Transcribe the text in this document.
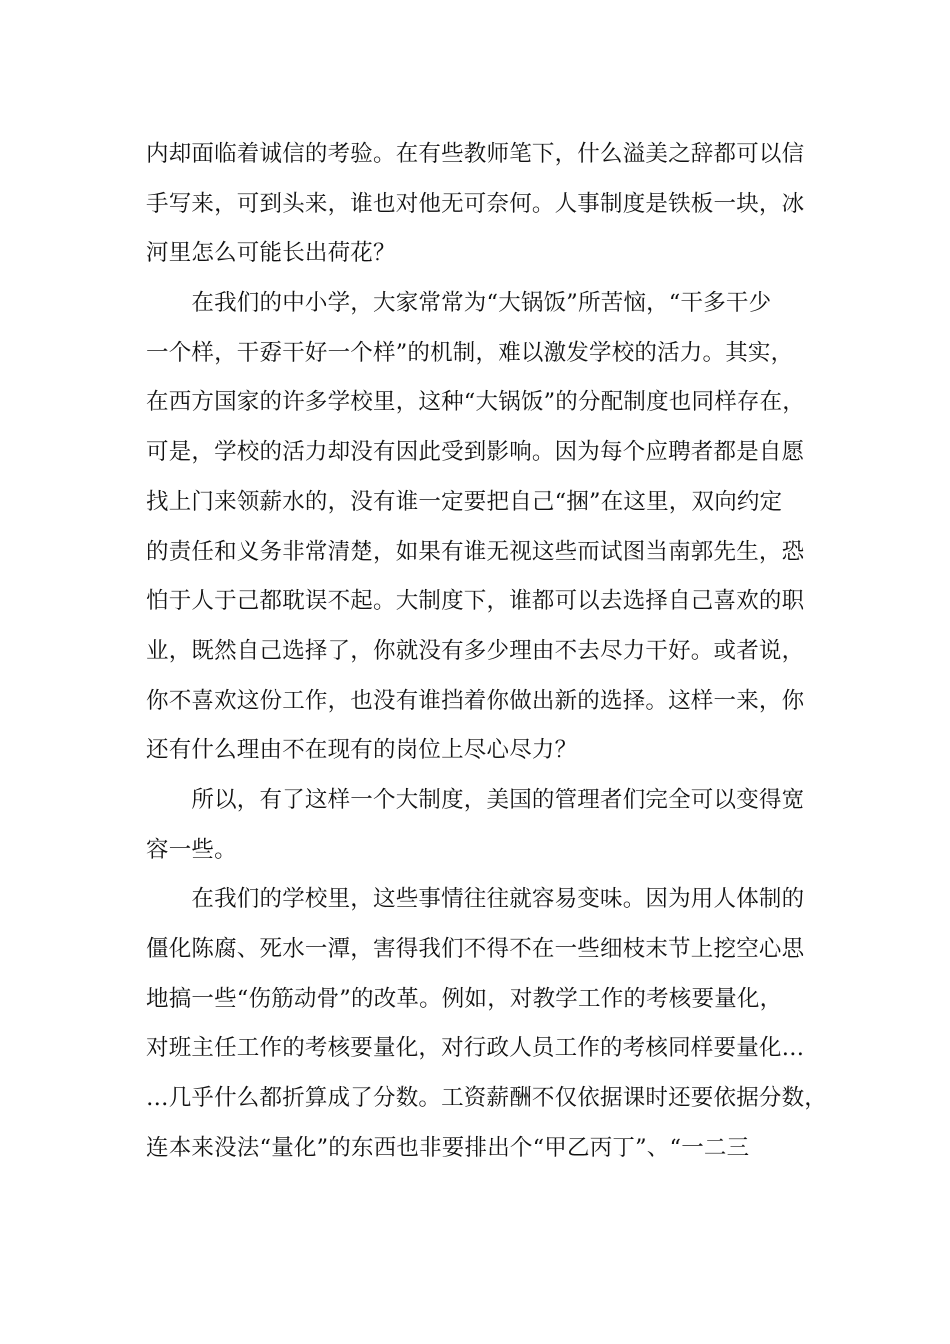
内却面临着诚信的考验。在有些教师笔下，什么溢美之辞都可以信
手写来，可到头来，谁也对他无可奈何。人事制度是铁板一块，冰
河里怎么可能长出荷花？
　　在我们的中小学，大家常常为“大锅饭”所苦恼，“干多干少
一个样，干孬干好一个样”的机制，难以激发学校的活力。其实，
在西方国家的许多学校里，这种“大锅饭”的分配制度也同样存在，
可是，学校的活力却没有因此受到影响。因为每个应聘者都是自愿
找上门来领薪水的，没有谁一定要把自己“捆”在这里，双向约定
的责任和义务非常清楚，如果有谁无视这些而试图当南郭先生，恐
怕于人于己都耽误不起。大制度下，谁都可以去选择自己喜欢的职
业，既然自己选择了，你就没有多少理由不去尽力干好。或者说，
你不喜欢这份工作，也没有谁挡着你做出新的选择。这样一来，你
还有什么理由不在现有的岗位上尽心尽力？
　　所以，有了这样一个大制度，美国的管理者们完全可以变得宽
容一些。
　　在我们的学校里，这些事情往往就容易变味。因为用人体制的
僵化陈腐、死水一潭，害得我们不得不在一些细枝末节上挖空心思
地搞一些“伤筋动骨”的改革。例如，对教学工作的考核要量化，
对班主任工作的考核要量化，对行政人员工作的考核同样要量化…
…几乎什么都折算成了分数。工资薪酬不仅依据课时还要依据分数，
连本来没法“量化”的东西也非要排出个“甲乙丙丁”、“一二三
